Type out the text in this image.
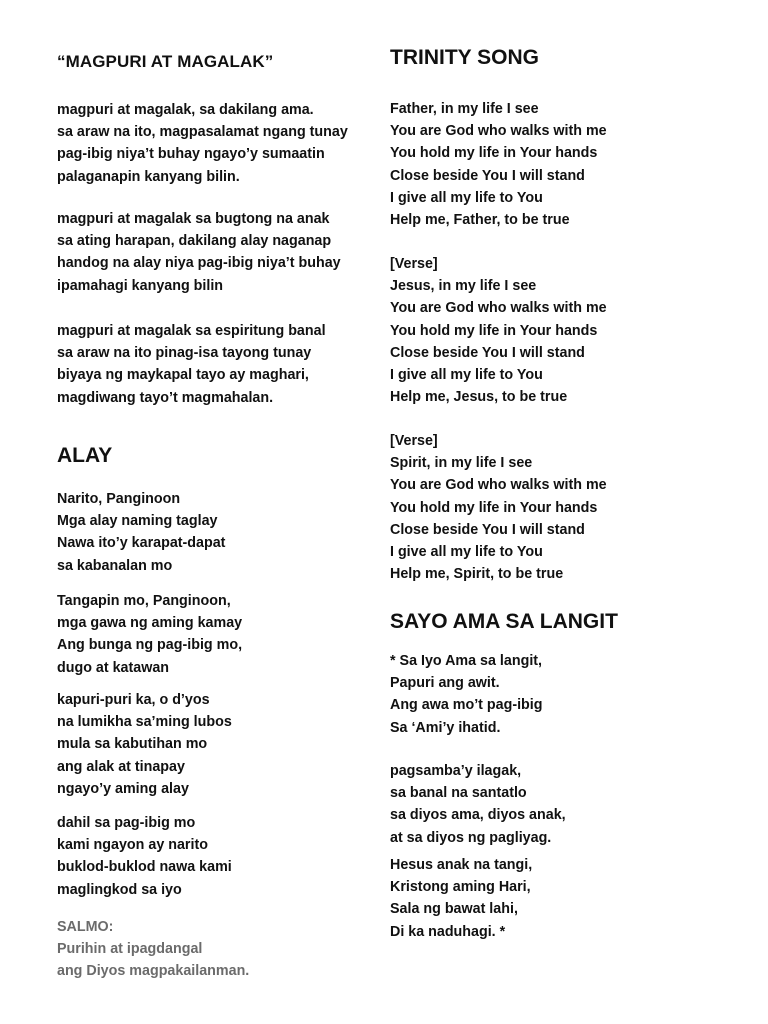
“MAGPURI AT MAGALAK”
magpuri at magalak, sa dakilang ama.
sa araw na ito, magpasalamat ngang tunay
pag-ibig niya’t buhay ngayo’y sumaatin
palaganapin kanyang bilin.
magpuri at magalak sa bugtong na anak
sa ating harapan, dakilang alay naganap
handog na alay niya pag-ibig niya’t buhay
ipamahagi kanyang bilin
magpuri at magalak sa espiritung banal
sa araw na ito pinag-isa tayong tunay
biyaya ng maykapal tayo ay maghari,
magdiwang tayo’t magmahalan.
ALAY
Narito, Panginoon
Mga alay naming taglay
Nawa ito’y karapat-dapat
sa kabanalan mo
Tangapin mo, Panginoon,
mga gawa ng aming kamay
Ang bunga ng pag-ibig mo,
dugo at katawan
kapuri-puri ka, o d’yos
na lumikha sa’ming lubos
mula sa kabutihan mo
ang alak at tinapay
ngayo’y aming alay
dahil sa pag-ibig mo
kami ngayon ay narito
buklod-buklod nawa kami
maglingkod sa iyo
SALMO:
Purihin at ipagdangal
ang Diyos magpakailanman.
TRINITY SONG
Father, in my life I see
You are God who walks with me
You hold my life in Your hands
Close beside You I will stand
I give all my life to You
Help me, Father, to be true
[Verse]
Jesus, in my life I see
You are God who walks with me
You hold my life in Your hands
Close beside You I will stand
I give all my life to You
Help me, Jesus, to be true
[Verse]
Spirit, in my life I see
You are God who walks with me
You hold my life in Your hands
Close beside You I will stand
I give all my life to You
Help me, Spirit, to be true
SAYO AMA SA LANGIT
* Sa Iyo Ama sa langit,
Papuri ang awit.
Ang awa mo’t pag-ibig
Sa ‘Ami’y ihatid.
pagsamba’y ilagak,
sa banal na santatlo
sa diyos ama, diyos anak,
at sa diyos ng pagliyag.
Hesus anak na tangi,
Kristong aming Hari,
Sala ng bawat lahi,
Di ka naduhagi. *
